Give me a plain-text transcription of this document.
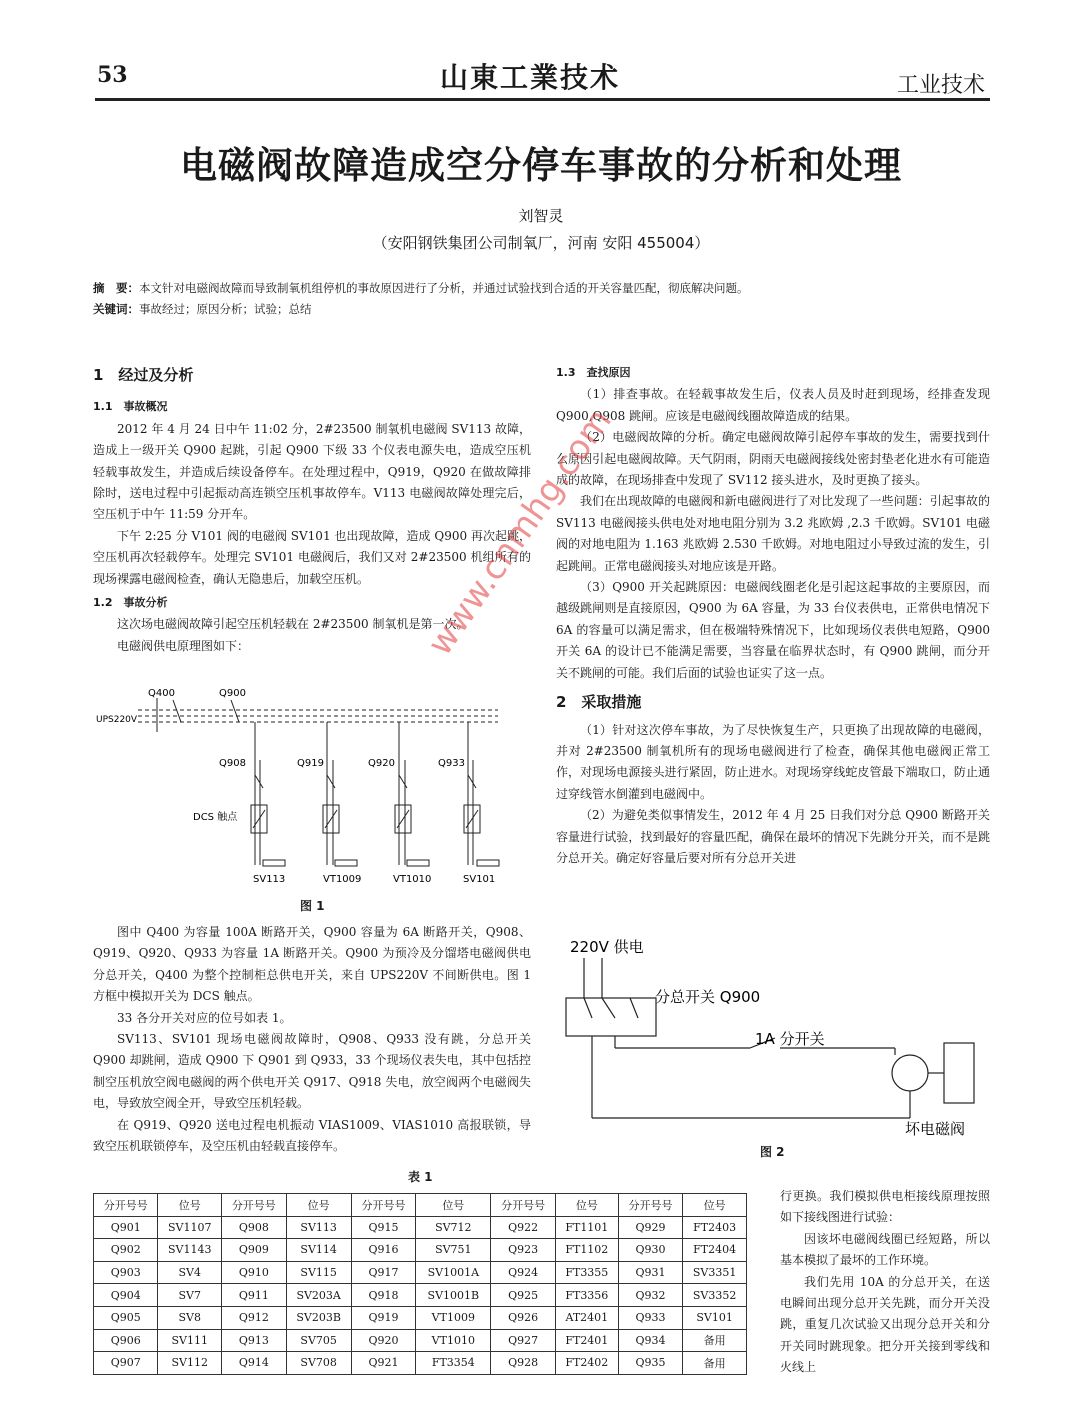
53	山東工業技术	工业技术
电磁阀故障造成空分停车事故的分析和处理
刘智灵
（安阳钢铁集团公司制氧厂，河南 安阳 455004）
摘　要：本文针对电磁阀故障而导致制氧机组停机的事故原因进行了分析，并通过试验找到合适的开关容量匹配，彻底解决问题。
关键词：事故经过；原因分析；试验；总结
1　经过及分析
1.1　事故概况

2012 年 4 月 24 日中午 11:02 分，2#23500 制氧机电磁阀 SV113 故障，造成上一级开关 Q900 起跳，引起 Q900 下级 33 个仪表电源失电，造成空压机轻载事故发生，并造成后续设备停车。在处理过程中，Q919，Q920 在做故障排除时，送电过程中引起振动高连锁空压机事故停车。V113 电磁阀故障处理完后，空压机于中午 11:59 分开车。

下午 2:25 分 V101 阀的电磁阀 SV101 也出现故障，造成 Q900 再次起跳，空压机再次轻载停车。处理完 SV101 电磁阀后，我们又对 2#23500 机组所有的现场裸露电磁阀检查，确认无隐患后，加载空压机。

1.2　事故分析

这次场电磁阀故障引起空压机轻载在 2#23500 制氧机是第一次。

电磁阀供电原理图如下：

Q400	Q900
UPS220V
Q908	Q919	Q920	Q933
DCS 触点
SV113	VT1009	VT1010	SV101
图 1

图中 Q400 为容量 100A 断路开关，Q900 容量为 6A 断路开关，Q908、Q919、Q920、Q933 为容量 1A 断路开关。Q900 为预冷及分馏塔电磁阀供电分总开关，Q400 为整个控制柜总供电开关，来自 UPS220V 不间断供电。图 1 方框中模拟开关为 DCS 触点。

33 各分开关对应的位号如表 1。

SV113、SV101 现场电磁阀故障时，Q908、Q933 没有跳，分总开关 Q900 却跳闸，造成 Q900 下 Q901 到 Q933，33 个现场仪表失电，其中包括控制空压机放空阀电磁阀的两个供电开关 Q917、Q918 失电，放空阀两个电磁阀失电，导致放空阀全开，导致空压机轻载。

在 Q919、Q920 送电过程电机振动 VIAS1009、VIAS1010 高报联锁，导致空压机联锁停车，及空压机由轻载直接停车。

1.3　查找原因

（1）排查事故。在轻载事故发生后，仪表人员及时赶到现场，经排查发现 Q900,Q908 跳闸。应该是电磁阀线圈故障造成的结果。

（2）电磁阀故障的分析。确定电磁阀故障引起停车事故的发生，需要找到什么原因引起电磁阀故障。天气阴雨，阴雨天电磁阀接线处密封垫老化进水有可能造成的故障，在现场排查中发现了 SV112 接头进水，及时更换了接头。

我们在出现故障的电磁阀和新电磁阀进行了对比发现了一些问题：引起事故的 SV113 电磁阀接头供电处对地电阻分别为 3.2 兆欧姆 ,2.3 千欧姆。SV101 电磁阀的对地电阻为 1.163 兆欧姆 2.530 千欧姆。对地电阻过小导致过流的发生，引起跳闸。正常电磁阀接头对地应该是开路。

（3）Q900 开关起跳原因：电磁阀线圈老化是引起这起事故的主要原因，而越级跳闸则是直接原因，Q900 为 6A 容量，为 33 台仪表供电，正常供电情况下 6A 的容量可以满足需求，但在极端特殊情况下，比如现场仪表供电短路，Q900 开关 6A 的设计已不能满足需要，当容量在临界状态时，有 Q900 跳闸，而分开关不跳闸的可能。我们后面的试验也证实了这一点。

2　采取措施

（1）针对这次停车事故，为了尽快恢复生产，只更换了出现故障的电磁阀，并对 2#23500 制氧机所有的现场电磁阀进行了检查，确保其他电磁阀正常工作，对现场电源接头进行紧固，防止进水。对现场穿线蛇皮管最下端取口，防止通过穿线管水倒灌到电磁阀中。

（2）为避免类似事情发生，2012 年 4 月 25 日我们对分总 Q900 断路开关容量进行试验，找到最好的容量匹配，确保在最坏的情况下先跳分开关，而不是跳分总开关。确定好容量后要对所有分总开关进

220V 供电
分总开关 Q900
1A 分开关
坏电磁阀
图 2

行更换。我们模拟供电柜接线原理按照如下接线图进行试验：

因该坏电磁阀线圈已经短路，所以基本模拟了最坏的工作环境。

我们先用 10A 的分总开关，在送电瞬间出现分总开关先跳，而分开关没跳，重复几次试验又出现分总开关和分开关同时跳现象。把分开关接到零线和火线上

表 1
分开号号	位号	分开号号	位号	分开号号	位号	分开号号	位号	分开号号	位号
Q901	SV1107	Q908	SV113	Q915	SV712	Q922	FT1101	Q929	FT2403
Q902	SV1143	Q909	SV114	Q916	SV751	Q923	FT1102	Q930	FT2404
Q903	SV4	Q910	SV115	Q917	SV1001A	Q924	FT3355	Q931	SV3351
Q904	SV7	Q911	SV203A	Q918	SV1001B	Q925	FT3356	Q932	SV3352
Q905	SV8	Q912	SV203B	Q919	VT1009	Q926	AT2401	Q933	SV101
Q906	SV111	Q913	SV705	Q920	VT1010	Q927	FT2401	Q934	备用
Q907	SV112	Q914	SV708	Q921	FT3354	Q928	FT2402	Q935	备用
www.cnmhg.com
